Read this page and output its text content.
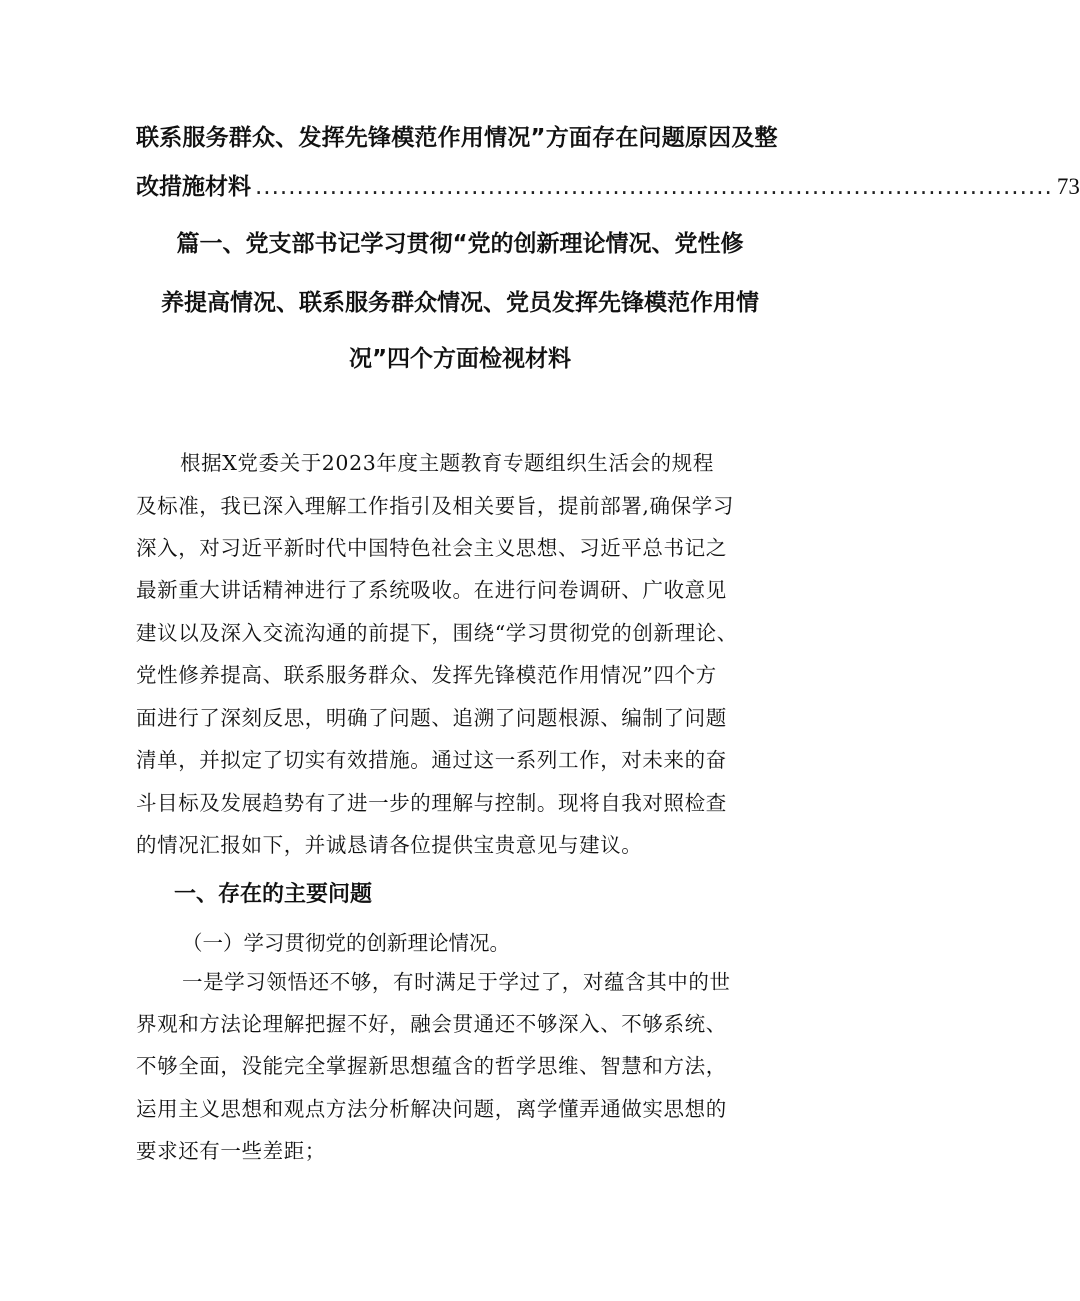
联系服务群众、发挥先锋模范作用情况”方面存在问题原因及整
改措施材料 ................................................................................................ 73
篇一、党支部书记学习贯彻“党的创新理论情况、党性修
养提高情况、联系服务群众情况、党员发挥先锋模范作用情
况”四个方面检视材料
根据X党委关于2023年度主题教育专题组织生活会的规程
及标准，我已深入理解工作指引及相关要旨，提前部署,确保学习
深入，对习近平新时代中国特色社会主义思想、习近平总书记之
最新重大讲话精神进行了系统吸收。在进行问卷调研、广收意见
建议以及深入交流沟通的前提下，围绕“学习贯彻党的创新理论、
党性修养提高、联系服务群众、发挥先锋模范作用情况”四个方
面进行了深刻反思，明确了问题、追溯了问题根源、编制了问题
清单，并拟定了切实有效措施。通过这一系列工作，对未来的奋
斗目标及发展趋势有了进一步的理解与控制。现将自我对照检查
的情况汇报如下，并诚恳请各位提供宝贵意见与建议。
一、存在的主要问题
（一）学习贯彻党的创新理论情况。
一是学习领悟还不够，有时满足于学过了，对蕴含其中的世
界观和方法论理解把握不好，融会贯通还不够深入、不够系统、
不够全面，没能完全掌握新思想蕴含的哲学思维、智慧和方法，
运用主义思想和观点方法分析解决问题，离学懂弄通做实思想的
要求还有一些差距；
